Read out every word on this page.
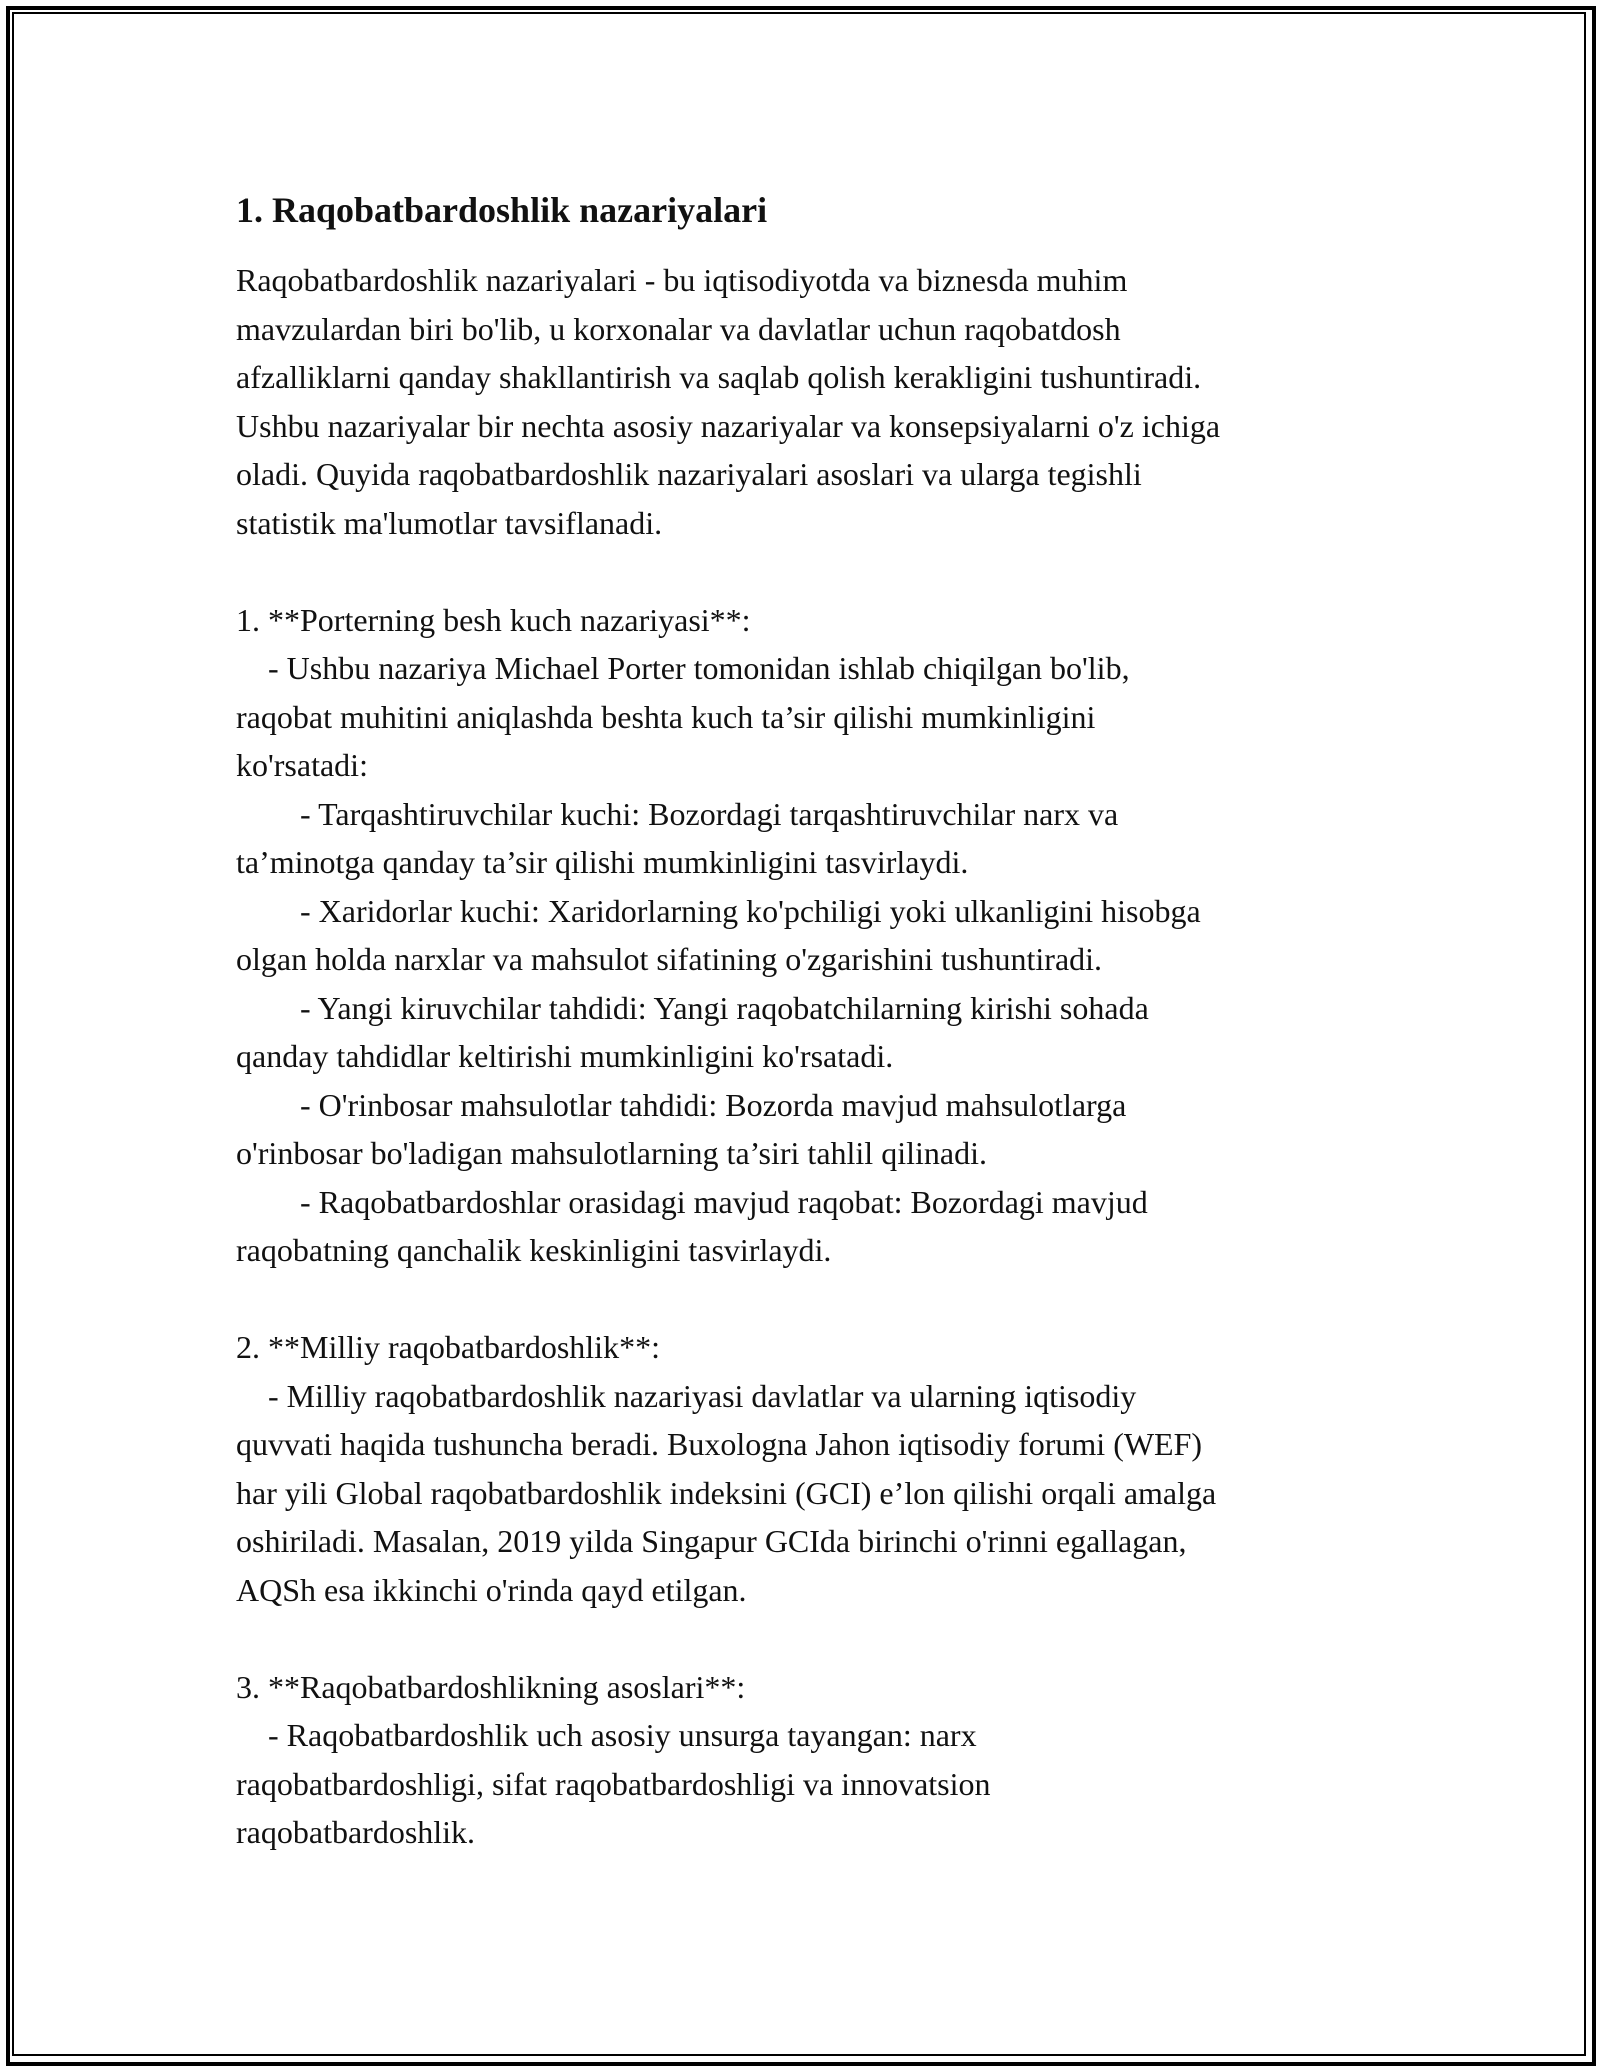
1. Raqobatbardoshlik nazariyalari
Raqobatbardoshlik nazariyalari - bu iqtisodiyotda va biznesda muhim
mavzulardan biri bo'lib, u korxonalar va davlatlar uchun raqobatdosh
afzalliklarni qanday shakllantirish va saqlab qolish kerakligini tushuntiradi.
Ushbu nazariyalar bir nechta asosiy nazariyalar va konsepsiyalarni o'z ichiga
oladi. Quyida raqobatbardoshlik nazariyalari asoslari va ularga tegishli
statistik ma'lumotlar tavsiflanadi.
1. **Porterning besh kuch nazariyasi**:
- Ushbu nazariya Michael Porter tomonidan ishlab chiqilgan bo'lib,
raqobat muhitini aniqlashda beshta kuch ta’sir qilishi mumkinligini
ko'rsatadi:
- Tarqashtiruvchilar kuchi: Bozordagi tarqashtiruvchilar narx va
ta’minotga qanday ta’sir qilishi mumkinligini tasvirlaydi.
- Xaridorlar kuchi: Xaridorlarning ko'pchiligi yoki ulkanligini hisobga
olgan holda narxlar va mahsulot sifatining o'zgarishini tushuntiradi.
- Yangi kiruvchilar tahdidi: Yangi raqobatchilarning kirishi sohada
qanday tahdidlar keltirishi mumkinligini ko'rsatadi.
- O'rinbosar mahsulotlar tahdidi: Bozorda mavjud mahsulotlarga
o'rinbosar bo'ladigan mahsulotlarning ta’siri tahlil qilinadi.
- Raqobatbardoshlar orasidagi mavjud raqobat: Bozordagi mavjud
raqobatning qanchalik keskinligini tasvirlaydi.
2. **Milliy raqobatbardoshlik**:
- Milliy raqobatbardoshlik nazariyasi davlatlar va ularning iqtisodiy
quvvati haqida tushuncha beradi. Buxologna Jahon iqtisodiy forumi (WEF)
har yili Global raqobatbardoshlik indeksini (GCI) e’lon qilishi orqali amalga
oshiriladi. Masalan, 2019 yilda Singapur GCIda birinchi o'rinni egallagan,
AQSh esa ikkinchi o'rinda qayd etilgan.
3. **Raqobatbardoshlikning asoslari**:
- Raqobatbardoshlik uch asosiy unsurga tayangan: narx
raqobatbardoshligi, sifat raqobatbardoshligi va innovatsion
raqobatbardoshlik.
